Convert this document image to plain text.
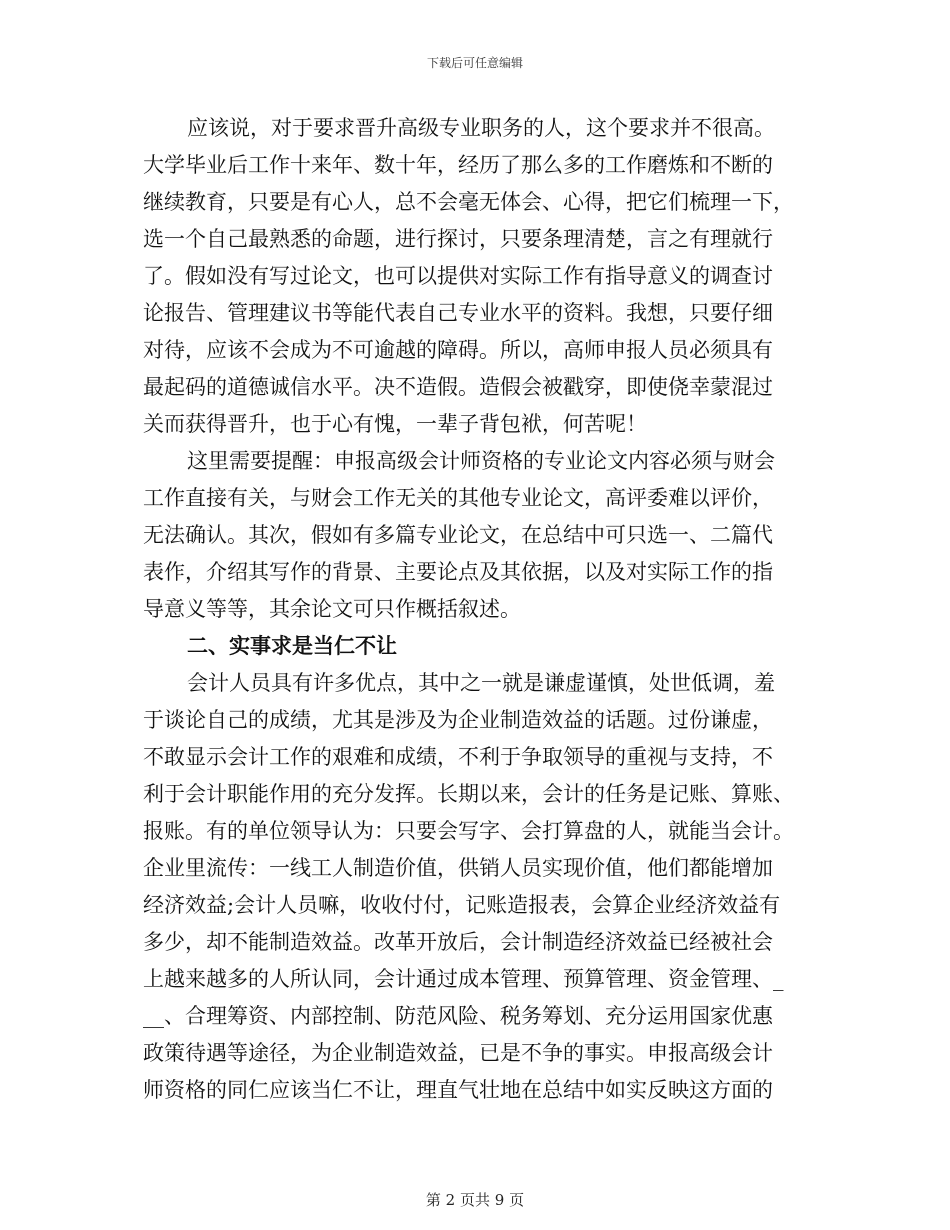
下载后可任意编辑
应该说，对于要求晋升高级专业职务的人，这个要求并不很高。
大学毕业后工作十来年、数十年，经历了那么多的工作磨炼和不断的
继续教育，只要是有心人，总不会毫无体会、心得，把它们梳理一下，
选一个自己最熟悉的命题，进行探讨，只要条理清楚，言之有理就行
了。假如没有写过论文，也可以提供对实际工作有指导意义的调查讨
论报告、管理建议书等能代表自己专业水平的资料。我想，只要仔细
对待，应该不会成为不可逾越的障碍。所以，高师申报人员必须具有
最起码的道德诚信水平。决不造假。造假会被戳穿，即使侥幸蒙混过
关而获得晋升，也于心有愧，一辈子背包袱，何苦呢！
这里需要提醒：申报高级会计师资格的专业论文内容必须与财会
工作直接有关，与财会工作无关的其他专业论文，高评委难以评价，
无法确认。其次，假如有多篇专业论文，在总结中可只选一、二篇代
表作，介绍其写作的背景、主要论点及其依据，以及对实际工作的指
导意义等等，其余论文可只作概括叙述。
二、实事求是当仁不让
会计人员具有许多优点，其中之一就是谦虚谨慎，处世低调，羞
于谈论自己的成绩，尤其是涉及为企业制造效益的话题。过份谦虚，
不敢显示会计工作的艰难和成绩，不利于争取领导的重视与支持，不
利于会计职能作用的充分发挥。长期以来，会计的任务是记账、算账、
报账。有的单位领导认为：只要会写字、会打算盘的人，就能当会计。
企业里流传：一线工人制造价值，供销人员实现价值，他们都能增加
经济效益;会计人员嘛，收收付付，记账造报表，会算企业经济效益有
多少，却不能制造效益。改革开放后，会计制造经济效益已经被社会
上越来越多的人所认同，会计通过成本管理、预算管理、资金管理、_
__、合理筹资、内部控制、防范风险、税务筹划、充分运用国家优惠
政策待遇等途径，为企业制造效益，已是不争的事实。申报高级会计
师资格的同仁应该当仁不让，理直气壮地在总结中如实反映这方面的
第 2 页共 9 页
